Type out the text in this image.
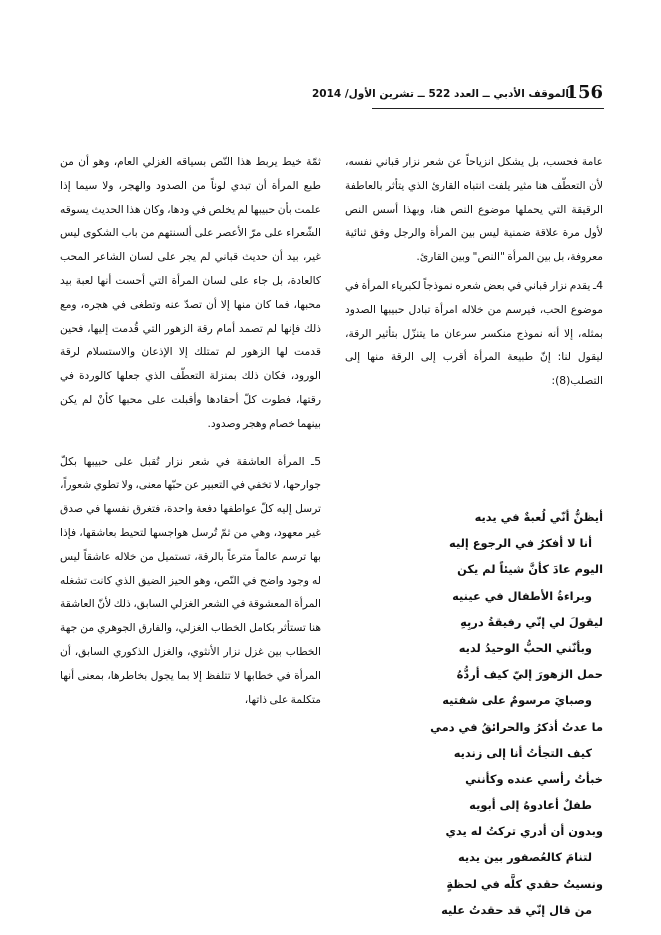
156
الموقف الأدبي ــ العدد 522 ــ تشرين الأول/ 2014

عامة فحسب، بل يشكل انزياحاً عن شعر نزار قباني نفسه، لأن التعطّف هنا مثير يلفت انتباه القارئ الذي يتأثر بالعاطفة الرقيقة التي يحملها موضوع النص هنا، وبهذا أسس النص لأول مرة علاقة ضمنية ليس بين المرأة والرجل وفق ثنائية معروفة، بل بين المرأة "النص" وبين القارئ.

4ـ يقدم نزار قباني في بعض شعره نموذجاً لكبرياء المرأة في موضوع الحب، فيرسم من خلاله امرأة تبادل حبيبها الصدود بمثله، إلا أنه نموذج منكسر سرعان ما يتنزّل بتأثير الرقة، ليقول لنا: إنّ طبيعة المرأة أقرب إلى الرقة منها إلى التصلب(8):

أيظنُّ أنّي لُعبةٌ في يديه
أنا لا أفكرُ في الرجوع إليه
اليوم عادَ كأنَّ شيئاً لم يكن
وبراءةُ الأطفال في عينيه
ليقولَ لي إنّي رفيقةُ دربِهِ
وبأنّني الحبُّ الوحيدُ لديه
حمل الزهورَ إليّ كيف أردُّهُ
وصبايَ مرسومٌ على شفتيه
ما عدتُ أذكرُ والحرائقُ في دمي
كيف التجأتُ أنا إلى زنديه
خبأتُ رأسي عنده وكأنني
طفلٌ أعادوهُ إلى أبويه
وبدون أن أدري تركتُ له يدي
لتنامَ كالعُصفور بين يديه
ونسيتُ حقدي كلَّه في لحظةٍ
من قال إنّي قد حقدتُ عليه

ثمّة خيط يربط هذا النّص بسياقه الغزلي العام، وهو أن من طبع المرأة أن تبدي لوناً من الصدود والهجر، ولا سيما إذا علمت بأن حبيبها لم يخلص في ودها، وكان هذا الحديث يسوقه الشّعراء على مرّ الأعصر على ألسنتهم من باب الشكوى ليس غير، بيد أن حديث قباني لم يجر على لسان الشاعر المحب كالعادة، بل جاء على لسان المرأة التي أحست أنها لعبة بيد محبها، فما كان منها إلا أن تصدّ عنه وتطغى في هجره، ومع ذلك فإنها لم تصمد أمام رقة الزهور التي قُدمت إليها، فحين قدمت لها الزهور لم تمتلك إلا الإذعان والاستسلام لرقة الورود، فكان ذلك بمنزلة التعطّف الذي جعلها كالوردة في رقتها، فطوت كلّ أحقادها وأقبلت على محبها كأنْ لم يكن بينهما خصام وهجر وصدود.

5ـ المرأة العاشقة في شعر نزار تُقبل على حبيبها بكلّ جوارحها، لا تخفي في التعبير عن حبّها معنى، ولا تطوي شعوراً، ترسل إليه كلّ عواطفها دفعة واحدة، فتغرق نفسها في صدق غير معهود، وهي من ثمّ تُرسل هواجسها لتحيط بعاشقها، فإذا بها ترسم عالماً مترعاً بالرقة، تستميل من خلاله عاشقاً ليس له وجود واضح في النّص، وهو الحيز الضيق الذي كانت تشغله المرأة المعشوقة في الشعر الغزلي السابق، ذلك لأنّ العاشقة هنا تستأثر بكامل الخطاب الغزلي، والفارق الجوهري من جهة الخطاب بين غزل نزار الأنثوي، والغزل الذكوري السابق، أن المرأة في خطابها لا تتلفظ إلا بما يجول بخاطرها، بمعنى أنها متكلمة على ذاتها،
